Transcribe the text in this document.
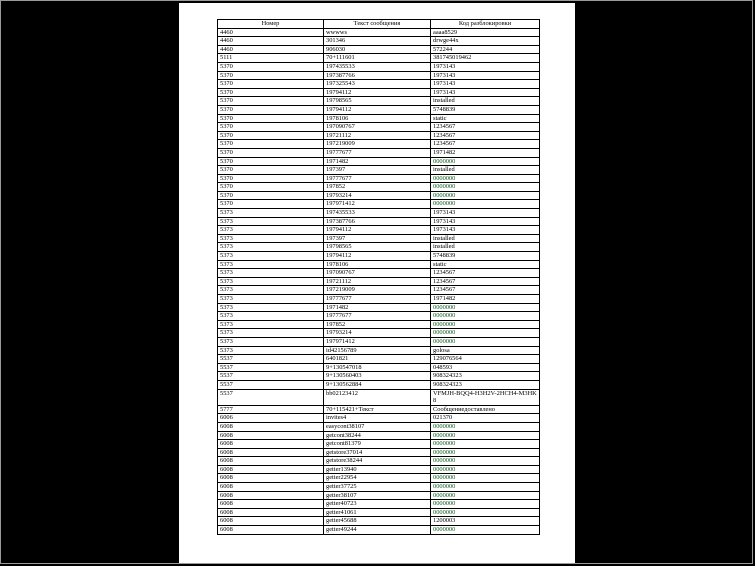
Номер	Текст сообщения	Код разблокировки
4460	wwwws	aaaa8529
4460	301346	drwge44x
4460	906030	572244
5111	70+111601	381745019462
5370	197435533	1973143
5370	197387766	1973143
5370	197325543	1973143
5370	19794112	1973143
5370	19798565	installed
5370	19794112	5748839
5370	1978106	static
5370	197090767	1234567
5370	19721112	1234567
5370	197219009	1234567
5370	19777677	1971482
5370	1971482	0000000
5370	197397	installed
5370	19777677	0000000
5370	197852	0000000
5370	19793214	0000000
5370	197971412	0000000
5373	197435533	1973143
5373	197387766	1973143
5373	19794112	1973143
5373	197397	installed
5373	19798565	installed
5373	19794112	5748839
5373	1978106	static
5373	197090767	1234567
5373	19721112	1234567
5373	197219009	1234567
5373	19777677	1971482
5373	1971482	0000000
5373	19777677	0000000
5373	197852	0000000
5373	19793214	0000000
5373	197971412	0000000
5373	id42156789	golosa
5537	6401821	129076564
5537	9+130547018	048593
5537	9+130560403	908324323
5537	9+130562884	908324323
5537	bb02123412	VFMJH-BQQ4-H3H2V-2HCH4-M3HK8
5777	70+115421+Текст	Сообщениедоставлено
6006	invites4	021370
6008	easycont38107	0000000
6008	getcont38244	0000000
6008	getcont81379	0000000
6008	getstore37014	0000000
6008	getstore38244	0000000
6008	getter13940	0000000
6008	getter22954	0000000
6008	getter37725	0000000
6008	getter38107	0000000
6008	getter40723	0000000
6008	getter41061	0000000
6008	getter45688	1200003
6008	getter49244	0000000
